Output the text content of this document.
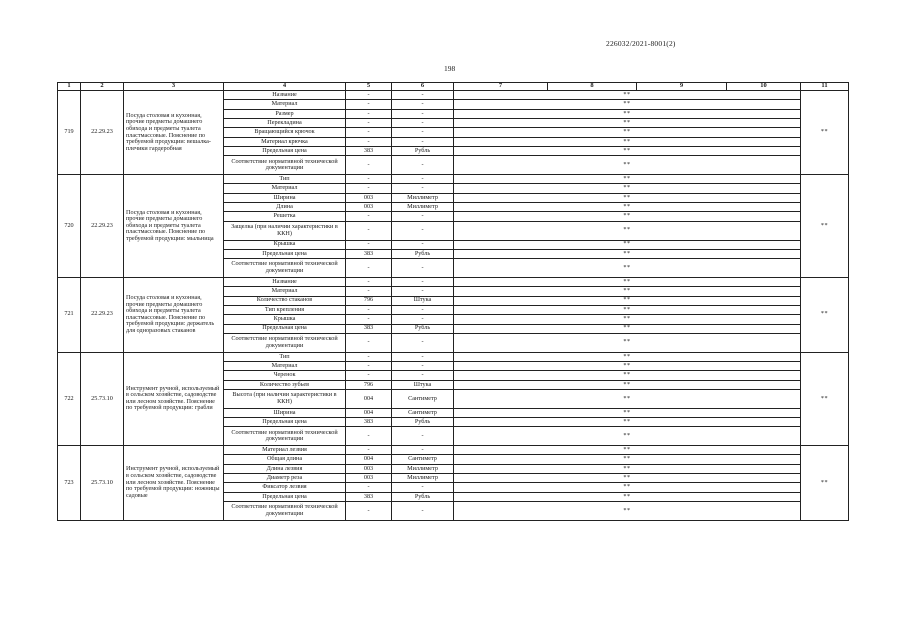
226032/2021-8001(2)
198
1	2	3	4	5	6	7	8	9	10	11
719	22.29.23	Посуда столовая и кухонная, прочие предметы домашнего обихода и предметы туалета пластмассовые. Пояснение по требуемой продукции: вешалка-плечики гардеробная	Название	-	-	**				**
			Материал	-	-	**				
			Размер	-	-	**				
			Перекладина	-	-	**				
			Вращающийся крючок	-	-	**				
			Материал крючка	-	-	**				
			Предельная цена	383	Рубль	**				
			Соответствие нормативной технической документации	-	-	**				
720	22.29.23	Посуда столовая и кухонная, прочие предметы домашнего обихода и предметы туалета пластмассовые. Пояснение по требуемой продукции: мыльница	Тип	-	-	**				**
			Материал	-	-	**				
			Ширина	003	Миллиметр	**				
			Длина	003	Миллиметр	**				
			Решетка	-	-	**				
			Защелка (при наличии характеристики в ККН)	-	-	**				
			Крышка	-	-	**				
			Предельная цена	383	Рубль	**				
			Соответствие нормативной технической документации	-	-	**				
721	22.29.23	Посуда столовая и кухонная, прочие предметы домашнего обихода и предметы туалета пластмассовые. Пояснение по требуемой продукции: держатель для одноразовых стаканов	Название	-	-	**				**
			Материал	-	-	**				
			Количество стаканов	796	Штука	**				
			Тип крепления	-	-	**				
			Крышка	-	-	**				
			Предельная цена	383	Рубль	**				
			Соответствие нормативной технической документации	-	-	**				
722	25.73.10	Инструмент ручной, используемый в сельском хозяйстве, садоводстве или лесном хозяйстве. Пояснение по требуемой продукции: грабли	Тип	-	-	**				**
			Материал	-	-	**				
			Черенок	-	-	**				
			Количество зубьев	796	Штука	**				
			Высота (при наличии характеристики в ККН)	004	Сантиметр	**				
			Ширина	004	Сантиметр	**				
			Предельная цена	383	Рубль	**				
			Соответствие нормативной технической документации	-	-	**				
723	25.73.10	Инструмент ручной, используемый в сельском хозяйстве, садоводстве или лесном хозяйстве. Пояснение по требуемой продукции: ножницы садовые	Материал лезвия	-	-	**				**
			Общая длина	004	Сантиметр	**				
			Длина лезвия	003	Миллиметр	**				
			Диаметр реза	003	Миллиметр	**				
			Фиксатор лезвия	-	-	**				
			Предельная цена	383	Рубль	**				
			Соответствие нормативной технической документации	-	-	**				
